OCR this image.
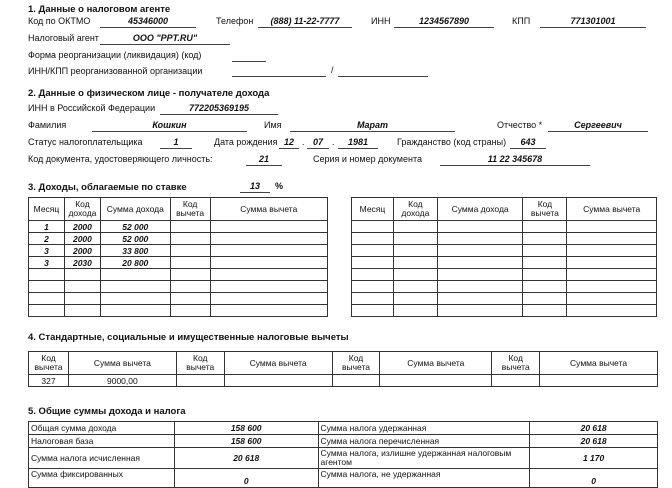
1. Данные о налоговом агенте
Код по ОКТМО	45346000	Телефон	(888) 11-22-7777	ИНН	1234567890	КПП	771301001
Налоговый агент	ООО "PPT.RU"
Форма реорганизации (ликвидация) (код)
ИНН/КПП реорганизованной организации	/
2. Данные о физическом лице - получателе дохода
ИНН в Российской Федерации	772205369195
Фамилия	Кошкин	Имя	Марат	Отчество *	Сергеевич
Статус налогоплательщика	1	Дата рождения 12 . 07	.	1981	Гражданство (код страны)	643
Код документа, удостоверяющего личность:	21	Серия и номер документа	11 22 345678
3. Доходы, облагаемые по ставке	13	%
Месяц	Код дохода	Сумма дохода	Код вычета	Сумма вычета
1	2000	52 000		
2	2000	52 000		
3	2000	33 800		
3	2030	20 800		

Месяц	Код дохода	Сумма дохода	Код вычета	Сумма вычета

4. Стандартные, социальные и имущественные налоговые вычеты
Код вычета	Сумма вычета	Код вычета	Сумма вычета	Код вычета	Сумма вычета	Код вычета	Сумма вычета
327	9000,00						
5. Общие суммы дохода и налога
Общая сумма дохода	158 600	Сумма налога удержанная	20 618
Налоговая база	158 600	Сумма налога перечисленная	20 618
Сумма налога исчисленная	20 618	Сумма налога, излишне удержанная налоговым агентом	1 170
Сумма фиксированных	0	Сумма налога, не удержанная	0
